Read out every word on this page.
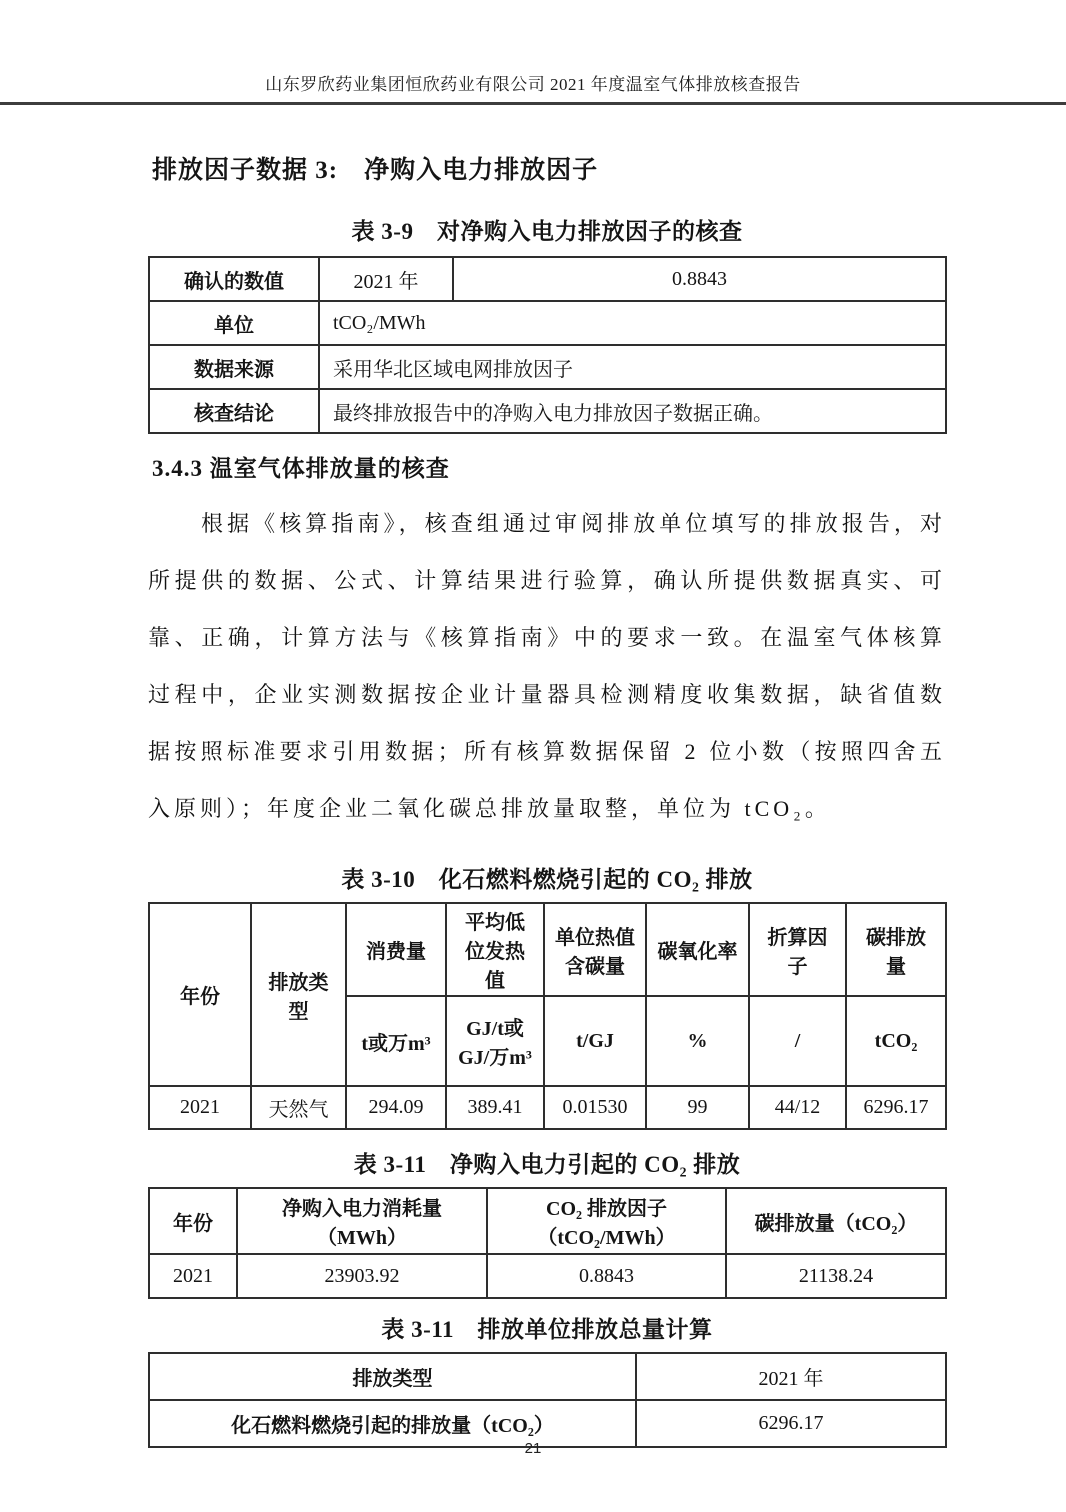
山东罗欣药业集团恒欣药业有限公司 2021 年度温室气体排放核查报告
排放因子数据 3:　净购入电力排放因子
表 3-9　对净购入电力排放因子的核查
确认的数值	2021 年	0.8843
单位	tCO₂/MWh	
数据来源	采用华北区域电网排放因子	
核查结论	最终排放报告中的净购入电力排放因子数据正确。	
3.4.3 温室气体排放量的核查

根据《核算指南》，核查组通过审阅排放单位填写的排放报告，对所提供的数据、公式、计算结果进行验算，确认所提供数据真实、可靠、正确，计算方法与《核算指南》中的要求一致。在温室气体核算过程中，企业实测数据按企业计量器具检测精度收集数据，缺省值数据按照标准要求引用数据；所有核算数据保留 2 位小数（按照四舍五入原则）；年度企业二氧化碳总排放量取整，单位为 tCO₂。

表 3-10　化石燃料燃烧引起的 CO₂ 排放
年份	排放类型	消费量	平均低位发热值	单位热值含碳量	碳氧化率	折算因子	碳排放量
		t或万m³	GJ/t或GJ/万m³	t/GJ	%	/	tCO₂
2021	天然气	294.09	389.41	0.01530	99	44/12	6296.17
表 3-11　净购入电力引起的 CO₂ 排放
年份	净购入电力消耗量（MWh）	CO₂ 排放因子（tCO₂/MWh）	碳排放量（tCO₂）
2021	23903.92	0.8843	21138.24
表 3-11　排放单位排放总量计算
排放类型	2021 年
化石燃料燃烧引起的排放量（tCO₂）	6296.17
21
